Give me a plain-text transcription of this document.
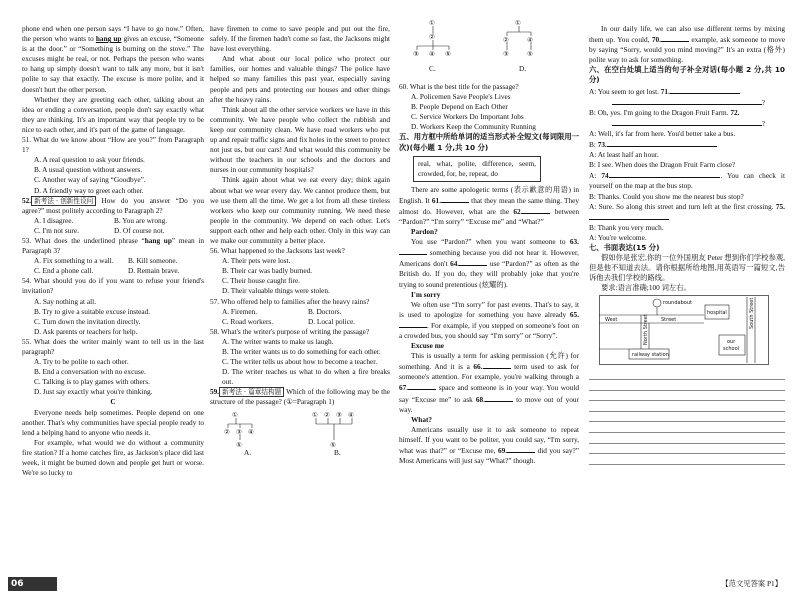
phone end when one person says “I have to go now.” Often, the person who wants to hang up gives an excuse, “Someone is at the door.” or “Something is burning on the stove.” The excuses might be real, or not. Perhaps the person who wants to hang up simply doesn't want to talk any more, but it isn't polite to say that exactly. The excuse is more polite, and it doesn't hurt the other person.

Whether they are greeting each other, talking about an idea or ending a conversation, people don't say exactly what they are thinking. It's an important way that people try to be nice to each other, and it's part of the game of language.

51. What do we know about “How are you?” from Paragraph 1?

A. A real question to ask your friends.

B. A usual question without answers.

C. Another way of saying “Goodbye”.

D. A friendly way to greet each other.

52. 新考法 · 创新性设问 How do you answer “Do you agree?” most politely according to Paragraph 2?

A. I disagree.	B. You are wrong.

C. I'm not sure.	D. Of course not.

53. What does the underlined phrase “hang up” mean in Paragraph 3?

A. Fix something to a wall. B. Kill someone.

C. End a phone call.	D. Remain brave.

54. What should you do if you want to refuse your friend's invitation?

A. Say nothing at all.

B. Try to give a suitable excuse instead.

C. Turn down the invitation directly.

D. Ask parents or teachers for help.

55. What does the writer mainly want to tell us in the last paragraph?

A. Try to be polite to each other.

B. End a conversation with no excuse.

C. Talking is to play games with others.

D. Just say exactly what you're thinking.

C

Everyone needs help sometimes. People depend on one another. That's why communities have special people ready to lend a helping hand to anyone who needs it.

For example, what would we do without a community fire station? If a home catches fire, as Jackson's place did last week, it might be burned down and people get hurt or worse. We're so lucky to

have firemen to come to save people and put out the fire, safely. If the firemen hadn't come so fast, the Jacksons might have lost everything.

And what about our local police who protect our families, our homes and valuable things? The police have helped so many families this past year, especially saving people and pets and protecting our houses and other things after the heavy rains.

Think about all the other service workers we have in this community. We have people who collect the rubbish and keep our community clean. We have road workers who put up and repair traffic signs and fix holes in the street to protect not just us, but our cars! And what would this community be without the teachers in our schools and the doctors and nurses in our community hospitals?

Think again about what we eat every day; think again about what we wear every day. We cannot produce them, but we use them all the time. We get a lot from all these tireless workers who keep our community running. We need these people in the community. We depend on each other. Let's support each other and help each other. Only in this way can we make our community a better place.

56. What happened to the Jacksons last week?

A. Their pets were lost.

B. Their car was badly burned.

C. Their house caught fire.

D. Their valuable things were stolen.

57. Who offered help to families after the heavy rains?

A. Firemen.	B. Doctors.

C. Road workers.	D. Local police.

58. What's the writer's purpose of writing the passage?

A. The writer wants to make us laugh.

B. The writer wants us to do something for each other.

C. The writer tells us about how to become a teacher.

D. The writer teaches us what to do when a fire breaks out.

59. 新考法 · 篇章结构题 Which of the following may be the structure of the passage? (①=Paragraph 1)

①
② ③ ④
⑤
① ② ③ ④
⑤
A.	B.
①
②
③ ④ ⑤
①
②	④
③	⑤
C.	D.

60. What is the best title for the passage?

A. Policemen Save People's Lives

B. People Depend on Each Other

C. Service Workers Do Important Jobs

D. Workers Keep the Community Running

五、用方框中所给单词的适当形式补全短文(每词限用一次)(每小题 1 分,共 10 分)

real, what, polite, difference, seem, crowded, for, be, repeat, do

There are some apologetic terms (表示歉意的用语) in English. It 61.	that they mean the same thing. They almost do. However, what are the 62.	between “Pardon?” “I'm sorry” “Excuse me” and “What?”

Pardon?

You use “Pardon?” when you want someone to 63. something because you did not hear it. However, Americans don't 64.	use “Pardon?” as often as the British do. If you do, they will probably joke that you're trying to sound pretentious (炫耀的).

I'm sorry

We often use “I'm sorry” for past events. That's to say, it is used to apologize for something you have already 65.. For example, if you stepped on someone's foot on a crowded bus, you should say “I'm sorry” or “Sorry”.

Excuse me

This is usually a term for asking permission (允许) for something. And it is a 66.	term used to ask for someone's attention. For example, you're walking through a 67.	space and someone is in your way. You would say “Excuse me” to ask 68.	to move out of your way.

What?

Americans usually use it to ask someone to repeat himself. If you want to be politer, you could say, “I'm sorry, what was that?” or “Excuse me, 69.	did you say?” Most Americans will just say “What?” though.

In our daily life, we can also use different terms by mixing them up. You could, 70.	example, ask someone to move by saying “Sorry, would you mind moving?” It's an extra (格外) polite way to ask for something.

六、在空白处填上适当的句子补全对话(每小题 2 分,共 10 分)

A: You seem to get lost. 71.

?

B: Oh, yes. I'm going to the Dragon Fruit Farm. 72.

?

A: Well, it's far from here. You'd better take a bus.

B: 73.

A: At least half an hour.

B: I see. When does the Dragon Fruit Farm close?

A: 74.	. You can check it yourself on the map at the bus stop.

B: Thanks. Could you show me the nearest bus stop?

A: Sure. So along this street and turn left at the first crossing. 75.

B: Thank you very much.

A: You're welcome.

七、书面表达(15 分)

假如你是张宏,你的一位外国朋友 Peter 想到你们学校参观,但是他不知道去法。请你根据所给地图,用英语写一篇短文,告诉他去我们学校的路线。

要求:语言准确;100 词左右。

roundabout
West	Street
hospital
our
school
railway station
North Street
South Street
06	【范文见答案 P1】
